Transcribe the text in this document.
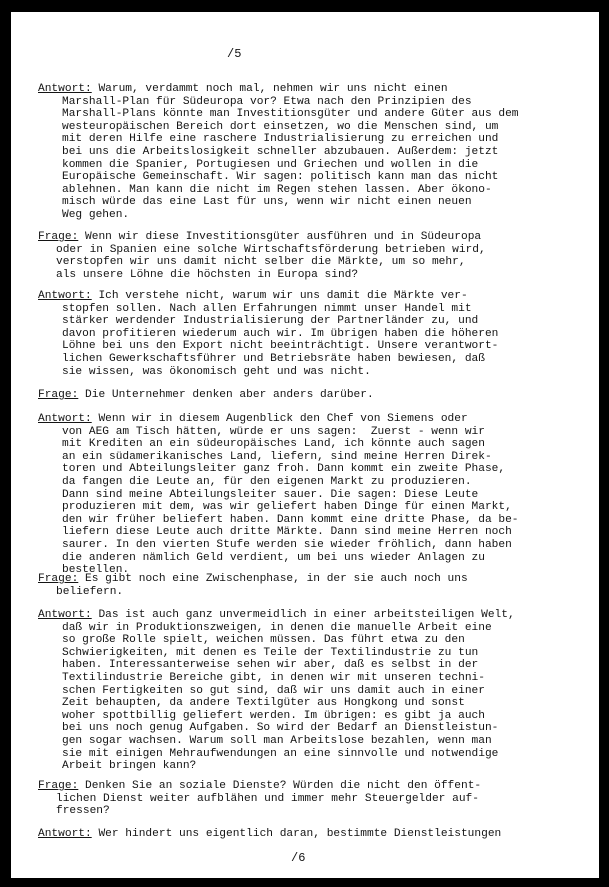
/5
Antwort: Warum, verdammt noch mal, nehmen wir uns nicht einen
Marshall-Plan für Südeuropa vor? Etwa nach den Prinzipien des
Marshall-Plans könnte man Investitionsgüter und andere Güter aus dem
westeuropäischen Bereich dort einsetzen, wo die Menschen sind, um
mit deren Hilfe eine raschere Industrialisierung zu erreichen und
bei uns die Arbeitslosigkeit schneller abzubauen. Außerdem: jetzt
kommen die Spanier, Portugiesen und Griechen und wollen in die
Europäische Gemeinschaft. Wir sagen: politisch kann man das nicht
ablehnen. Man kann die nicht im Regen stehen lassen. Aber ökono-
misch würde das eine Last für uns, wenn wir nicht einen neuen
Weg gehen.
Frage: Wenn wir diese Investitionsgüter ausführen und in Südeuropa
oder in Spanien eine solche Wirtschaftsförderung betrieben wird,
verstopfen wir uns damit nicht selber die Märkte, um so mehr,
als unsere Löhne die höchsten in Europa sind?
Antwort: Ich verstehe nicht, warum wir uns damit die Märkte ver-
stopfen sollen. Nach allen Erfahrungen nimmt unser Handel mit
stärker werdender Industrialisierung der Partnerländer zu, und
davon profitieren wiederum auch wir. Im übrigen haben die höheren
Löhne bei uns den Export nicht beeinträchtigt. Unsere verantwort-
lichen Gewerkschaftsführer und Betriebsräte haben bewiesen, daß
sie wissen, was ökonomisch geht und was nicht.
Frage: Die Unternehmer denken aber anders darüber.
Antwort: Wenn wir in diesem Augenblick den Chef von Siemens oder
von AEG am Tisch hätten, würde er uns sagen:  Zuerst - wenn wir
mit Krediten an ein südeuropäisches Land, ich könnte auch sagen
an ein südamerikanisches Land, liefern, sind meine Herren Direk-
toren und Abteilungsleiter ganz froh. Dann kommt ein zweite Phase,
da fangen die Leute an, für den eigenen Markt zu produzieren.
Dann sind meine Abteilungsleiter sauer. Die sagen: Diese Leute
produzieren mit dem, was wir geliefert haben Dinge für einen Markt,
den wir früher beliefert haben. Dann kommt eine dritte Phase, da be-
liefern diese Leute auch dritte Märkte. Dann sind meine Herren noch
saurer. In den vierten Stufe werden sie wieder fröhlich, dann haben
die anderen nämlich Geld verdient, um bei uns wieder Anlagen zu
bestellen.
Frage: Es gibt noch eine Zwischenphase, in der sie auch noch uns
beliefern.
Antwort: Das ist auch ganz unvermeidlich in einer arbeitsteiligen Welt,
daß wir in Produktionszweigen, in denen die manuelle Arbeit eine
so große Rolle spielt, weichen müssen. Das führt etwa zu den
Schwierigkeiten, mit denen es Teile der Textilindustrie zu tun
haben. Interessanterweise sehen wir aber, daß es selbst in der
Textilindustrie Bereiche gibt, in denen wir mit unseren techni-
schen Fertigkeiten so gut sind, daß wir uns damit auch in einer
Zeit behaupten, da andere Textilgüter aus Hongkong und sonst
woher spottbillig geliefert werden. Im übrigen: es gibt ja auch
bei uns noch genug Aufgaben. So wird der Bedarf an Dienstleistun-
gen sogar wachsen. Warum soll man Arbeitslose bezahlen, wenn man
sie mit einigen Mehraufwendungen an eine sinnvolle und notwendige
Arbeit bringen kann?
Frage: Denken Sie an soziale Dienste? Würden die nicht den öffent-
lichen Dienst weiter aufblähen und immer mehr Steuergelder auf-
fressen?
Antwort: Wer hindert uns eigentlich daran, bestimmte Dienstleistungen
/6
